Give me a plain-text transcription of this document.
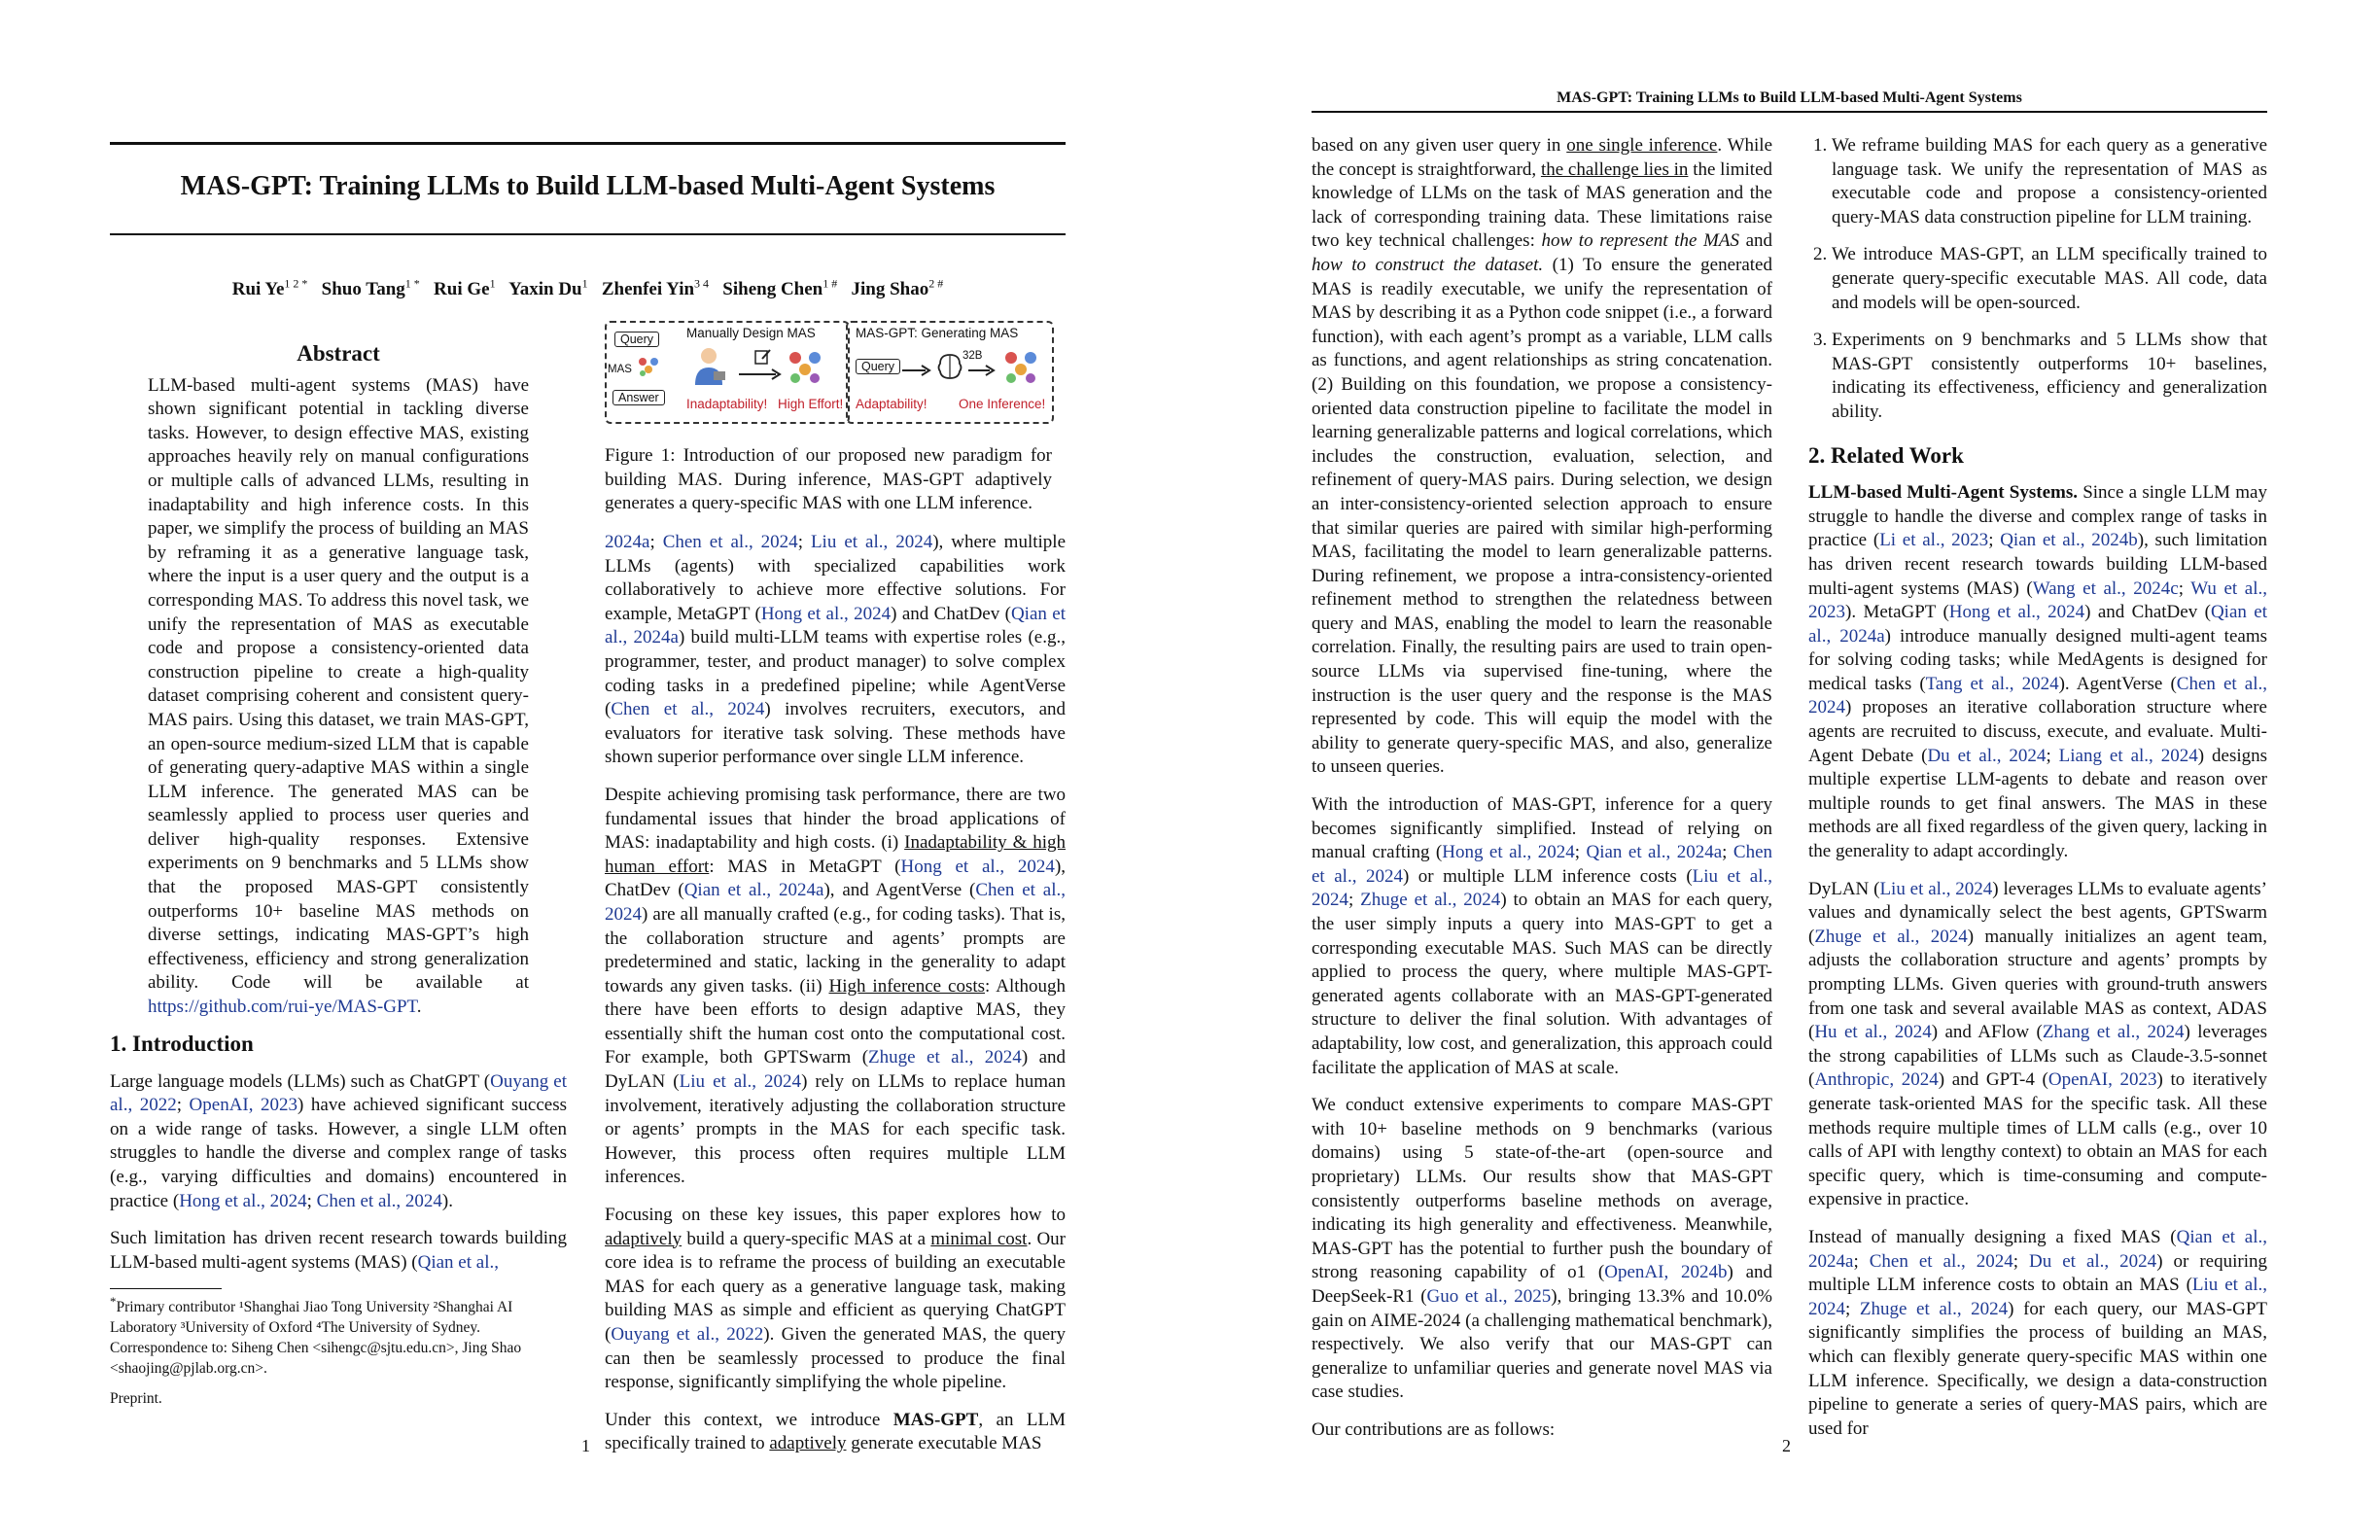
MAS-GPT: Training LLMs to Build LLM-based Multi-Agent Systems
Rui $Ye^{1 2 *}$ Shuo Tang$^{1 *}$ Rui Ge$^1$ Yaxin Du$^1$ Zhenfei Yin$^{3 4}$ Siheng Chen$^{1 \#}$ Jing Shao$^{2 \#}$
Abstract

LLM-based multi-agent systems (MAS) have shown significant potential in tackling diverse tasks. However, to design effective MAS, existing approaches heavily rely on manual configurations or multiple calls of advanced LLMs, resulting in inadaptability and high inference costs. In this paper, we simplify the process of building an MAS by reframing it as a generative language task, where the input is a user query and the output is a corresponding MAS. To address this novel task, we unify the representation of MAS as executable code and propose a consistency-oriented data construction pipeline to create a high-quality dataset comprising coherent and consistent query-MAS pairs. Using this dataset, we train MAS-GPT, an open-source medium-sized LLM that is capable of generating query-adaptive MAS within a single LLM inference. The generated MAS can be seamlessly applied to process user queries and deliver high-quality responses. Extensive experiments on 9 benchmarks and 5 LLMs show that the proposed MAS-GPT consistently outperforms 10+ baseline MAS methods on diverse settings, indicating MAS-GPT’s high effectiveness, efficiency and strong generalization ability. Code will be available at https://github.com/rui-ye/MAS-GPT.

1. Introduction

Large language models (LLMs) such as ChatGPT (Ouyang et al., 2022; OpenAI, 2023) have achieved significant success on a wide range of tasks. However, a single LLM often struggles to handle the diverse and complex range of tasks (e.g., varying difficulties and domains) encountered in practice (Hong et al., 2024; Chen et al., 2024).

Such limitation has driven recent research towards building LLM-based multi-agent systems (MAS) (Qian et al.,

*Primary contributor ¹Shanghai Jiao Tong University ²Shanghai AI Laboratory ³University of Oxford ⁴The University of Sydney. Correspondence to: Siheng Chen <sihengc@sjtu.edu.cn>, Jing Shao <shaojing@pjlab.org.cn>.
Preprint.
Query
MAS
Answer
Manually Design MAS
Inadaptability! High Effort!
MAS-GPT: Generating MAS
Query
32B
Adaptability! One Inference!
Figure 1: Introduction of our proposed new paradigm for building MAS. During inference, MAS-GPT adaptively generates a query-specific MAS with one LLM inference.

2024a; Chen et al., 2024; Liu et al., 2024), where multiple LLMs (agents) with specialized capabilities work collaboratively to achieve more effective solutions. For example, MetaGPT (Hong et al., 2024) and ChatDev (Qian et al., 2024a) build multi-LLM teams with expertise roles (e.g., programmer, tester, and product manager) to solve complex coding tasks in a predefined pipeline; while AgentVerse (Chen et al., 2024) involves recruiters, executors, and evaluators for iterative task solving. These methods have shown superior performance over single LLM inference.

Despite achieving promising task performance, there are two fundamental issues that hinder the broad applications of MAS: inadaptability and high costs. (i) Inadaptability & high human effort: MAS in MetaGPT (Hong et al., 2024), ChatDev (Qian et al., 2024a), and AgentVerse (Chen et al., 2024) are all manually crafted (e.g., for coding tasks). That is, the collaboration structure and agents’ prompts are predetermined and static, lacking in the generality to adapt towards any given tasks. (ii) High inference costs: Although there have been efforts to design adaptive MAS, they essentially shift the human cost onto the computational cost. For example, both GPTSwarm (Zhuge et al., 2024) and DyLAN (Liu et al., 2024) rely on LLMs to replace human involvement, iteratively adjusting the collaboration structure or agents’ prompts in the MAS for each specific task. However, this process often requires multiple LLM inferences.

Focusing on these key issues, this paper explores how to adaptively build a query-specific MAS at a minimal cost. Our core idea is to reframe the process of building an executable MAS for each query as a generative language task, making building MAS as simple and efficient as querying ChatGPT (Ouyang et al., 2022). Given the generated MAS, the query can then be seamlessly processed to produce the final response, significantly simplifying the whole pipeline.

Under this context, we introduce MAS-GPT, an LLM specifically trained to adaptively generate executable MAS

1
MAS-GPT: Training LLMs to Build LLM-based Multi-Agent Systems

based on any given user query in one single inference. While the concept is straightforward, the challenge lies in the limited knowledge of LLMs on the task of MAS generation and the lack of corresponding training data. These limitations raise two key technical challenges: how to represent the MAS and how to construct the dataset. (1) To ensure the generated MAS is readily executable, we unify the representation of MAS by describing it as a Python code snippet (i.e., a forward function), with each agent’s prompt as a variable, LLM calls as functions, and agent relationships as string concatenation. (2) Building on this foundation, we propose a consistency-oriented data construction pipeline to facilitate the model in learning generalizable patterns and logical correlations, which includes the construction, evaluation, selection, and refinement of query-MAS pairs. During selection, we design an inter-consistency-oriented selection approach to ensure that similar queries are paired with similar high-performing MAS, facilitating the model to learn generalizable patterns. During refinement, we propose a intra-consistency-oriented refinement method to strengthen the relatedness between query and MAS, enabling the model to learn the reasonable correlation. Finally, the resulting pairs are used to train open-source LLMs via supervised fine-tuning, where the instruction is the user query and the response is the MAS represented by code. This will equip the model with the ability to generate query-specific MAS, and also, generalize to unseen queries.

With the introduction of MAS-GPT, inference for a query becomes significantly simplified. Instead of relying on manual crafting (Hong et al., 2024; Qian et al., 2024a; Chen et al., 2024) or multiple LLM inference costs (Liu et al., 2024; Zhuge et al., 2024) to obtain an MAS for each query, the user simply inputs a query into MAS-GPT to get a corresponding executable MAS. Such MAS can be directly applied to process the query, where multiple MAS-GPT-generated agents collaborate with an MAS-GPT-generated structure to deliver the final solution. With advantages of adaptability, low cost, and generalization, this approach could facilitate the application of MAS at scale.

We conduct extensive experiments to compare MAS-GPT with 10+ baseline methods on 9 benchmarks (various domains) using 5 state-of-the-art (open-source and proprietary) LLMs. Our results show that MAS-GPT consistently outperforms baseline methods on average, indicating its high generality and effectiveness. Meanwhile, MAS-GPT has the potential to further push the boundary of strong reasoning capability of o1 (OpenAI, 2024b) and DeepSeek-R1 (Guo et al., 2025), bringing 13.3% and 10.0% gain on AIME-2024 (a challenging mathematical benchmark), respectively. We also verify that our MAS-GPT can generalize to unfamiliar queries and generate novel MAS via case studies.

Our contributions are as follows:

1. We reframe building MAS for each query as a generative language task. We unify the representation of MAS as executable code and propose a consistency-oriented query-MAS data construction pipeline for LLM training.
2. We introduce MAS-GPT, an LLM specifically trained to generate query-specific executable MAS. All code, data and models will be open-sourced.
3. Experiments on 9 benchmarks and 5 LLMs show that MAS-GPT consistently outperforms 10+ baselines, indicating its effectiveness, efficiency and generalization ability.
2. Related Work

LLM-based Multi-Agent Systems. Since a single LLM may struggle to handle the diverse and complex range of tasks in practice (Li et al., 2023; Qian et al., 2024b), such limitation has driven recent research towards building LLM-based multi-agent systems (MAS) (Wang et al., 2024c; Wu et al., 2023). MetaGPT (Hong et al., 2024) and ChatDev (Qian et al., 2024a) introduce manually designed multi-agent teams for solving coding tasks; while MedAgents is designed for medical tasks (Tang et al., 2024). AgentVerse (Chen et al., 2024) proposes an iterative collaboration structure where agents are recruited to discuss, execute, and evaluate. Multi-Agent Debate (Du et al., 2024; Liang et al., 2024) designs multiple expertise LLM-agents to debate and reason over multiple rounds to get final answers. The MAS in these methods are all fixed regardless of the given query, lacking in the generality to adapt accordingly.

DyLAN (Liu et al., 2024) leverages LLMs to evaluate agents’ values and dynamically select the best agents, GPTSwarm (Zhuge et al., 2024) manually initializes an agent team, adjusts the collaboration structure and agents’ prompts by prompting LLMs. Given queries with ground-truth answers from one task and several available MAS as context, ADAS (Hu et al., 2024) and AFlow (Zhang et al., 2024) leverages the strong capabilities of LLMs such as Claude-3.5-sonnet (Anthropic, 2024) and GPT-4 (OpenAI, 2023) to iteratively generate task-oriented MAS for the specific task. All these methods require multiple times of LLM calls (e.g., over 10 calls of API with lengthy context) to obtain an MAS for each specific query, which is time-consuming and compute-expensive in practice.

Instead of manually designing a fixed MAS (Qian et al., 2024a; Chen et al., 2024; Du et al., 2024) or requiring multiple LLM inference costs to obtain an MAS (Liu et al., 2024; Zhuge et al., 2024) for each query, our MAS-GPT significantly simplifies the process of building an MAS, which can flexibly generate query-specific MAS within one LLM inference. Specifically, we design a data-construction pipeline to generate a series of query-MAS pairs, which are used for

2
